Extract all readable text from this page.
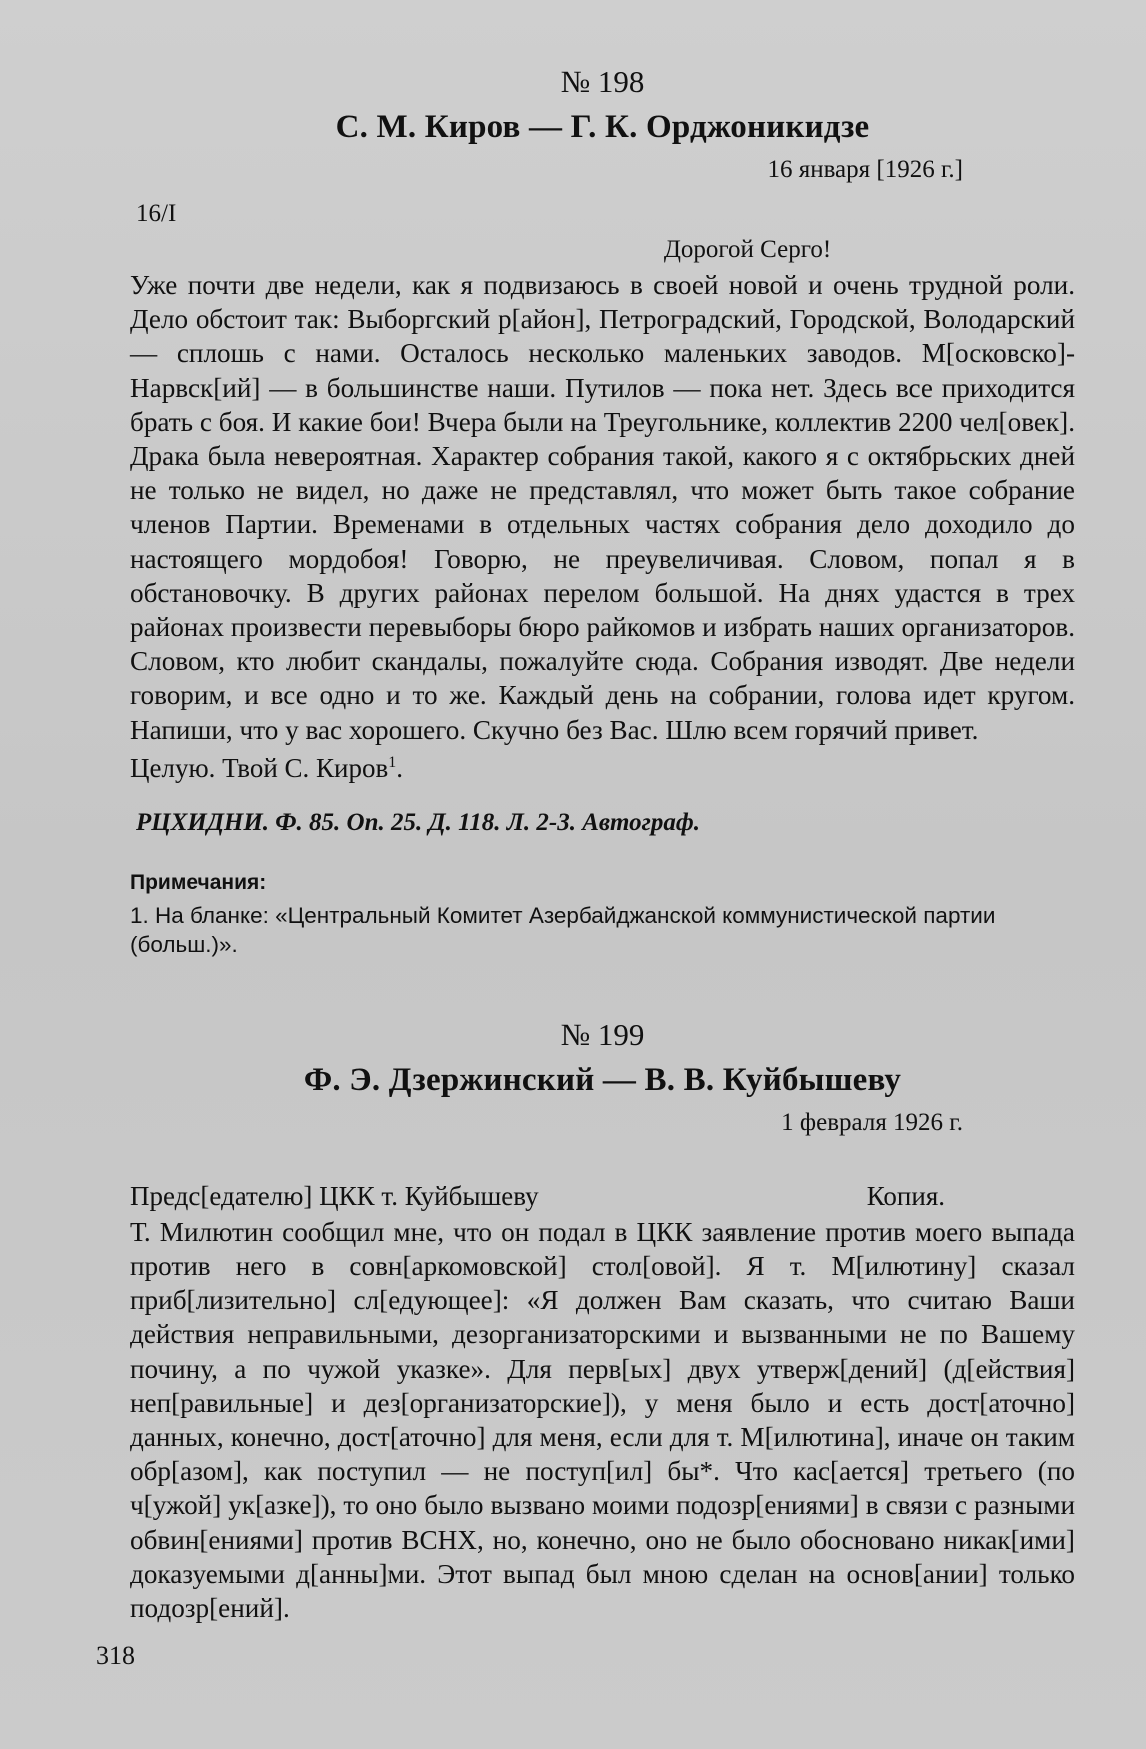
№ 198

С. М. Киров — Г. К. Орджоникидзе

16 января [1926 г.]

16/I

Дорогой Серго!

Уже почти две недели, как я подвизаюсь в своей новой и очень трудной роли. Дело обстоит так: Выборгский р[айон], Петроградский, Городской, Володарский — сплошь с нами. Осталось несколько маленьких заводов. М[осковско]-Нарвск[ий] — в большинстве наши. Путилов — пока нет. Здесь все приходится брать с боя. И какие бои! Вчера были на Треугольнике, коллектив 2200 чел[овек]. Драка была невероятная. Характер собрания такой, какого я с октябрьских дней не только не видел, но даже не представлял, что может быть такое собрание членов Партии. Временами в отдельных частях собрания дело доходило до настоящего мордобоя! Говорю, не преувеличивая. Словом, попал я в обстановочку. В других районах перелом большой. На днях удастся в трех районах произвести перевыборы бюро райкомов и избрать наших организаторов. Словом, кто любит скандалы, пожалуйте сюда. Собрания изводят. Две недели говорим, и все одно и то же. Каждый день на собрании, голова идет кругом. Напиши, что у вас хорошего. Скучно без Вас. Шлю всем горячий привет.

Целую. Твой С. Киров$^1$.

РЦХИДНИ. Ф. 85. Оп. 25. Д. 118. Л. 2-3. Автограф.

Примечания:

1. На бланке: «Центральный Комитет Азербайджанской коммунистической партии (больш.)».

№ 199

Ф. Э. Дзержинский — В. В. Куйбышеву

1 февраля 1926 г.

Предс[едателю] ЦКК т. Куйбышеву	Копия.

Т. Милютин сообщил мне, что он подал в ЦКК заявление против моего выпада против него в совн[аркомовской] стол[овой]. Я т. М[илютину] сказал приб[лизительно] сл[едующее]: «Я должен Вам сказать, что считаю Ваши действия неправильными, дезорганизаторскими и вызванными не по Вашему почину, а по чужой указке». Для перв[ых] двух утверж[дений] (д[ействия] неп[равильные] и дез[организаторские]), у меня было и есть дост[аточно] данных, конечно, дост[аточно] для меня, если для т. М[илютина], иначе он таким обр[азом], как поступил — не поступ[ил] бы*. Что кас[ается] третьего (по ч[ужой] ук[азке]), то оно было вызвано моими подозр[ениями] в связи с разными обвин[ениями] против ВСНХ, но, конечно, оно не было обосновано никак[ими] доказуемыми д[анны]ми. Этот выпад был мною сделан на основ[ании] только подозр[ений].

318
